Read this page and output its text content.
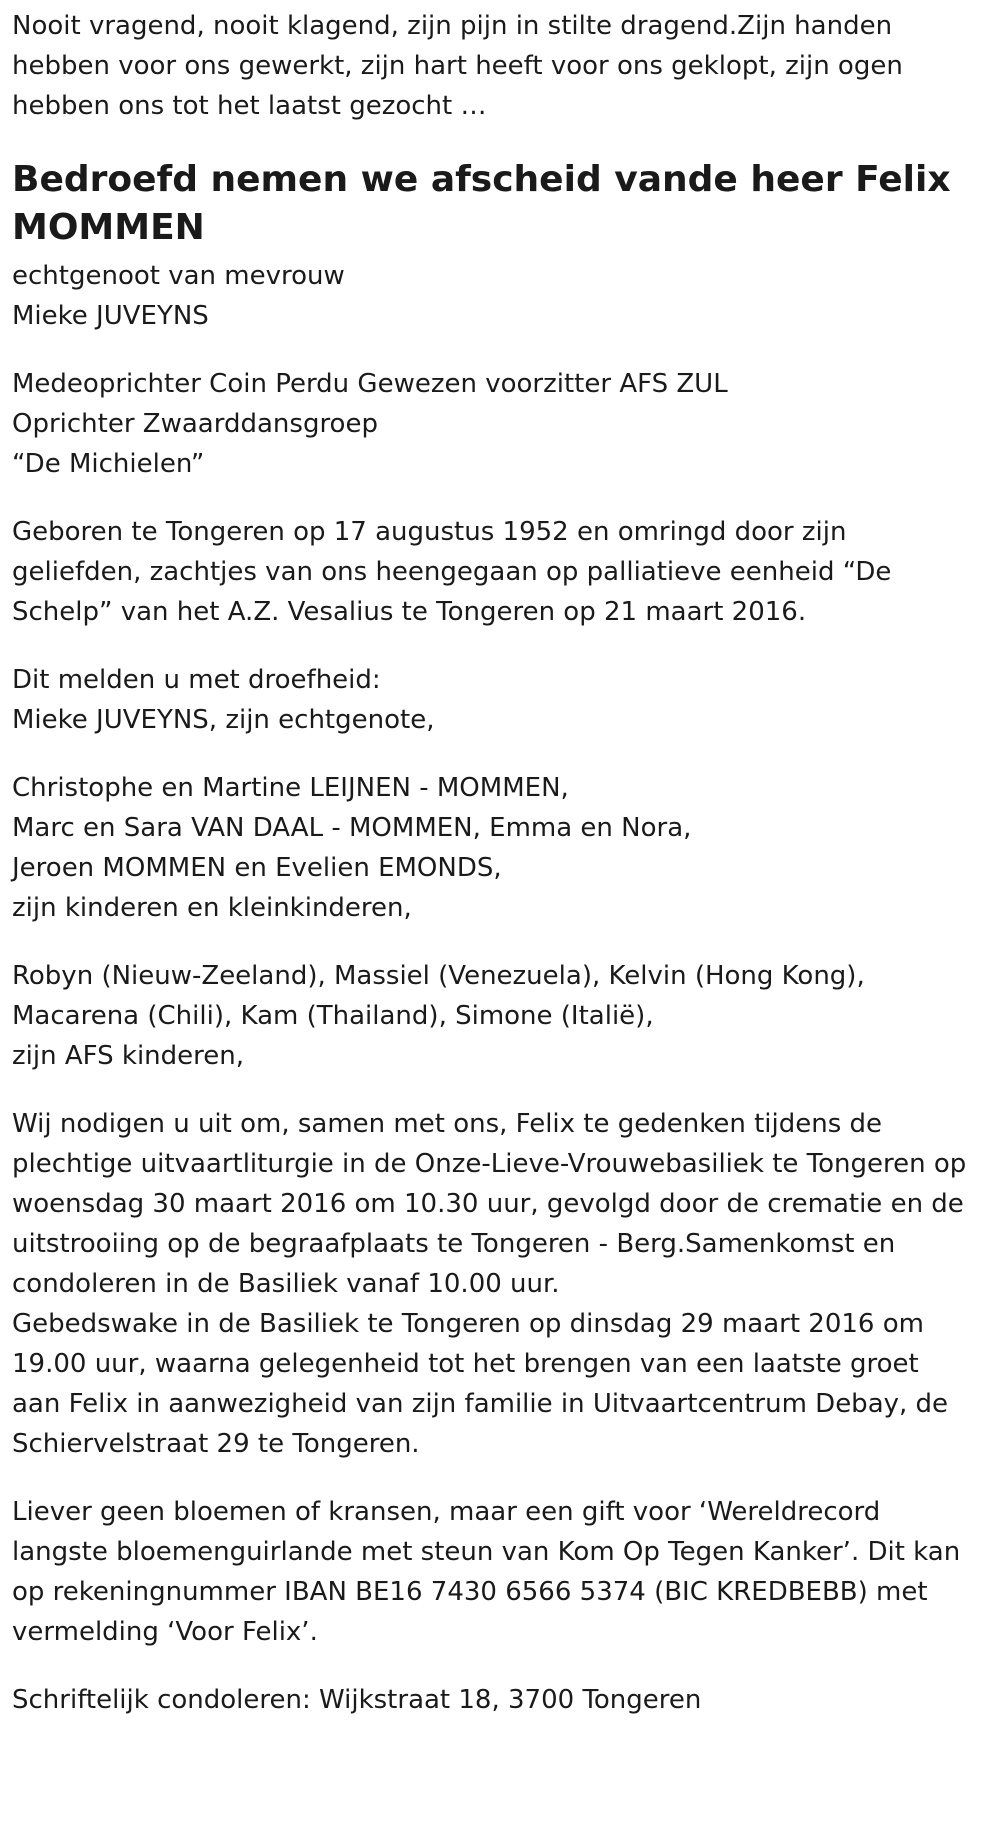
Nooit vragend, nooit klagend, zijn pijn in stilte dragend.Zijn handen
hebben voor ons gewerkt, zijn hart heeft voor ons geklopt, zijn ogen
hebben ons tot het laatst gezocht …

Bedroefd nemen we afscheid vande heer Felix MOMMEN

echtgenoot van mevrouw
Mieke JUVEYNS

Medeoprichter Coin Perdu Gewezen voorzitter AFS ZUL
Oprichter Zwaarddansgroep
“De Michielen”

Geboren te Tongeren op 17 augustus 1952 en omringd door zijn
geliefden, zachtjes van ons heengegaan op palliatieve eenheid “De
Schelp” van het A.Z. Vesalius te Tongeren op 21 maart 2016.

Dit melden u met droefheid:
Mieke JUVEYNS, zijn echtgenote,

Christophe en Martine LEIJNEN - MOMMEN,
Marc en Sara VAN DAAL - MOMMEN, Emma en Nora,
Jeroen MOMMEN en Evelien EMONDS,
zijn kinderen en kleinkinderen,

Robyn (Nieuw-Zeeland), Massiel (Venezuela), Kelvin (Hong Kong),
Macarena (Chili), Kam (Thailand), Simone (Italië),
zijn AFS kinderen,

Wij nodigen u uit om, samen met ons, Felix te gedenken tijdens de
plechtige uitvaartliturgie in de Onze-Lieve-Vrouwebasiliek te Tongeren op
woensdag 30 maart 2016 om 10.30 uur, gevolgd door de crematie en de
uitstrooiing op de begraafplaats te Tongeren - Berg.Samenkomst en
condoleren in de Basiliek vanaf 10.00 uur.
Gebedswake in de Basiliek te Tongeren op dinsdag 29 maart 2016 om
19.00 uur, waarna gelegenheid tot het brengen van een laatste groet
aan Felix in aanwezigheid van zijn familie in Uitvaartcentrum Debay, de
Schiervelstraat 29 te Tongeren.

Liever geen bloemen of kransen, maar een gift voor ‘Wereldrecord
langste bloemenguirlande met steun van Kom Op Tegen Kanker’. Dit kan
op rekeningnummer IBAN BE16 7430 6566 5374 (BIC KREDBEBB) met
vermelding ‘Voor Felix’.

Schriftelijk condoleren: Wijkstraat 18, 3700 Tongeren
